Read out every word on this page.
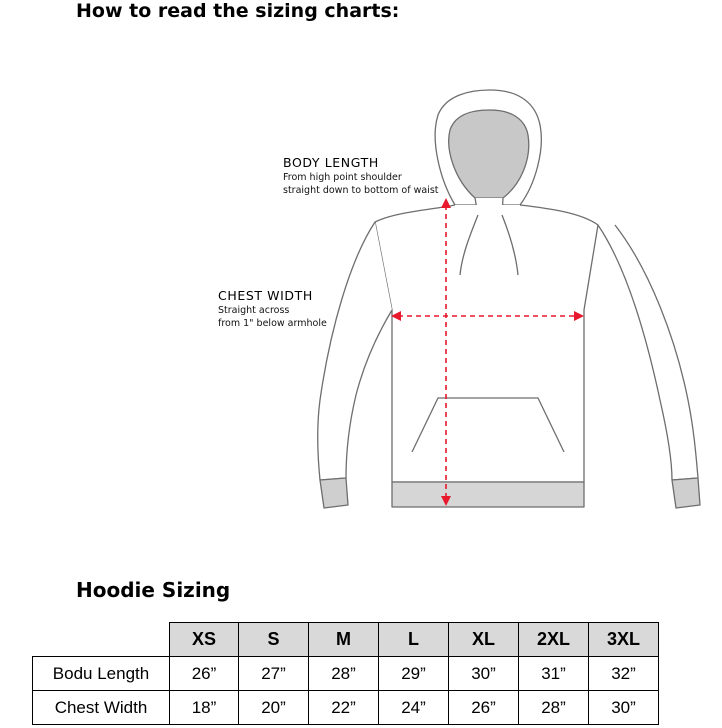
How to read the sizing charts:
BODY LENGTH
From high point shoulder
straight down to bottom of waist
CHEST WIDTH
Straight across
from 1" below armhole
Hoodie Sizing
	XS	S	M	L	XL	2XL	3XL
Bodu Length	26”	27”	28”	29”	30”	31”	32”
Chest Width	18”	20”	22”	24”	26”	28”	30”
